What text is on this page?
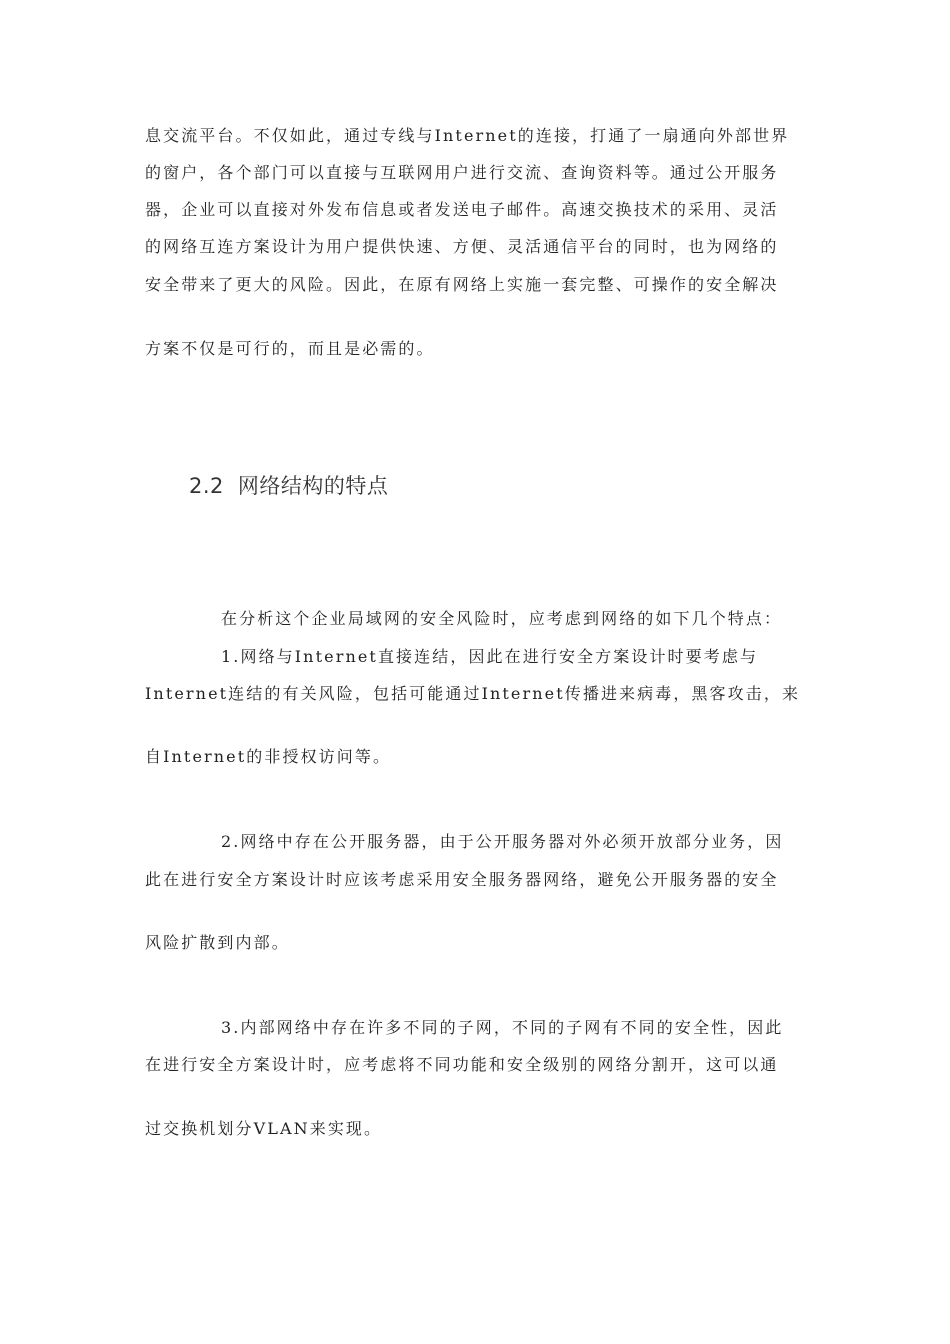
息交流平台。不仅如此，通过专线与Internet的连接，打通了一扇通向外部世界
的窗户，各个部门可以直接与互联网用户进行交流、查询资料等。通过公开服务
器，企业可以直接对外发布信息或者发送电子邮件。高速交换技术的采用、灵活
的网络互连方案设计为用户提供快速、方便、灵活通信平台的同时，也为网络的
安全带来了更大的风险。因此，在原有网络上实施一套完整、可操作的安全解决
方案不仅是可行的，而且是必需的。
2.2 网络结构的特点
在分析这个企业局域网的安全风险时，应考虑到网络的如下几个特点：
1.网络与Internet直接连结，因此在进行安全方案设计时要考虑与
Internet连结的有关风险，包括可能通过Internet传播进来病毒，黑客攻击，来
自Internet的非授权访问等。
2.网络中存在公开服务器，由于公开服务器对外必须开放部分业务，因
此在进行安全方案设计时应该考虑采用安全服务器网络，避免公开服务器的安全
风险扩散到内部。
3.内部网络中存在许多不同的子网，不同的子网有不同的安全性，因此
在进行安全方案设计时，应考虑将不同功能和安全级别的网络分割开，这可以通
过交换机划分VLAN来实现。
